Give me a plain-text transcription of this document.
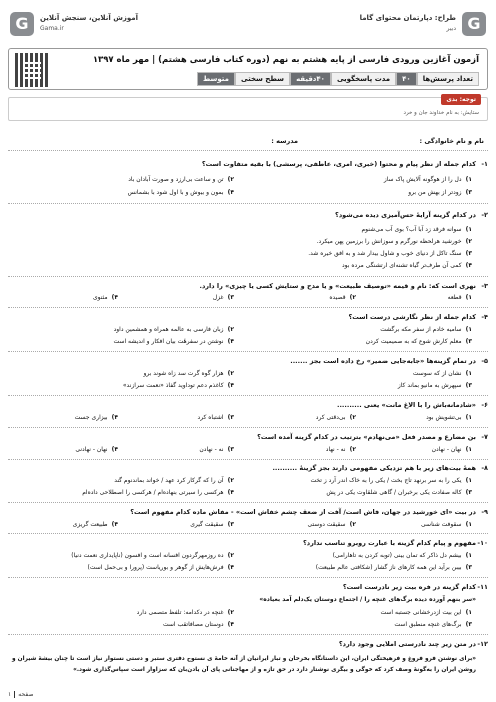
G
طراح: دپارتمان محتوای گاما
دبیر
G	آموزش آنلاین، سنجش آنلاین
Gama.ir
آزمون آغازین ورودی فارسی از پایه هشتم به نهم (دوره کتاب فارسی هشتم) | مهر ماه ۱۳۹۷
تعداد پرسش‌ها
۴۰
مدت پاسخگویی
۴۰دقیقه
سطح سختی
متوسط
توجه: بدی
ستایش: به نام خداوند جان و خرد
نام و نام خانوادگی :
مدرسه :
۱-
کدام جمله از نظر پیام و محتوا (خبری، امری، عاطفی، پرسشی) با بقیه متفاوت است؟
۱)دل را از هوگونه آلایش پاک ساز
۲)تن و ساعت بی‌ارزد و صورت آبادان باد
۳)زودتر از بهش من برو
۴)بمون و بیوش و با اول شود با بشمانس
۲-
در کدام گزینه آرایهٔ حس‌آمیزی دیده می‌شود؟
۱)سوانه فرقد زد آبا آب؟ بوی آب می‌شنوم
۲)خورشید هرلحظه نورگرم و سوزانش را برزمین پهن میکرد.
۳)سنگ تاکل از دنیای خوب و شاول بیدار شد و به افق خیره شد.
۴)کمی آن طرف‌تر گیاه تشنه‌ای ارتشنگی مرده بود
۳-
نهری است که: نام و قیمه «توصیف طبیعت» و یا مدح و ستایش کسی یا چیزی» را دارد.
۱)قطعه
۲)قصیده
۳)غزل
۴)مثنوی
۴-
کدام جمله از نظر نگارشی درست است؟
۱)سامیه خادم از سفر مکه برگشت
۲)زبان فارسی به عالمه همراه و همشمین داود
۳)معلم کارش شوع که به صمیمیت کردن
۴)نوشتن در سفرهٔت بیان افکار و اندیشه است
۵-
در تمام گزینه‌ها «جابه‌جایی ضمیر» رخ داده است بجز .......
۱)نشان از که سوست
۲)هزار گوه گرت سد زاه شوند برو
۳)سپهرش به مانیو بماند کاز
۴)کاغذم دعم توداوید گفاذ «نعمت سرازند»
۶-
«شادمانه‌باش را با الاغ مانت» یعنی ..........
۱)بی‌تشویش بود
۲)بی‌دقتی کرد
۳)اشتباه کرد
۴)بیزاری جست
۷-
بن مضارع و مصدر فعل «می‌نهادم» بترتیب در کدام گزینه آمده است؟
۱)نهان - نهادن
۲)نه - نهاد
۳)نه - نهادن
۴)نهان - نهادنی
۸-
همهٔ بیت‌های زیر با هم تزدیکی مفهومی دارند بجز گزینهٔ ..........
۱)یکی را به سر برنهد تاج بخت / یکی را به خاک اندر آرد ز تخت
۲)آن را که گرکار کرد عهد / خواند بماندنوم گند
۳)کاله صفادت یکی برخبران / گاهی شلقاوت یکی در پش
۴)هرکسی را سیرتی بنهاده‌ام / هرکسی را اصطلاحی داده‌ام
۹-
در بیت «ای خورشید در جهان، فاش است/ آفت از ضعف چشم خفاش است» - مفاش ماده کدام مفهوم است؟
۱)سقوفت شناسی
۲)سقیقت دوستی
۳)سقیقت گیری
۴)طبیعت گریزی
۱۰-
مفهوم و پیام کدام گزینه با عبارت روبرو تناسب ندارد؟
۱)بیشم دل ذاکر که تمان بینی (توبه کردن به تاهارامی)
۲)ده روزمهرگردون افسانه است و افسون (ناپایداری نعمت دنیا)
۳)بیبن برآید این همه کارهای ناز گشار (شکافتی عالم طبیعت)
۴)فرش‌هایش از گوهر و بوریاست (پرورا و بی‌حمل است)
۱۱-
کدام گزینه در فره بیت زیر نادرست است؟
«سر بنهم آورده دیده برگ‌های غنچه را / اجتماع دوستان یک‌دلم آمد بعیاده»
۱)این بیت ازدرخشانی جستبه است
۲)غنچه در دکدامه: تلفظ متصمی دارد
۳)برگ‌های غنچه منطبق است
۴)دوستان مصافاتقب است
۱۲-
در متن زیر چند نادرستی املایی وجود دارد؟
«برای نوشتن فرو فروغ و فرهیختگی ایران، این داستانگاه بخرحان و تبار ایرانیان از آنه خامهٔ ی نستوح دفتری ستبر و دستی نستوار نیاز است تا چنان بیشهٔ شیران و روشن ایران را به‌گونهٔ وصف کرد که خوگی و بیگری نوشتار دارد در حق تازه و از مهاجنانی پای آن یادن‌بان که سزاوار است سپاس‌گذاری شود.»
صفحه۱
